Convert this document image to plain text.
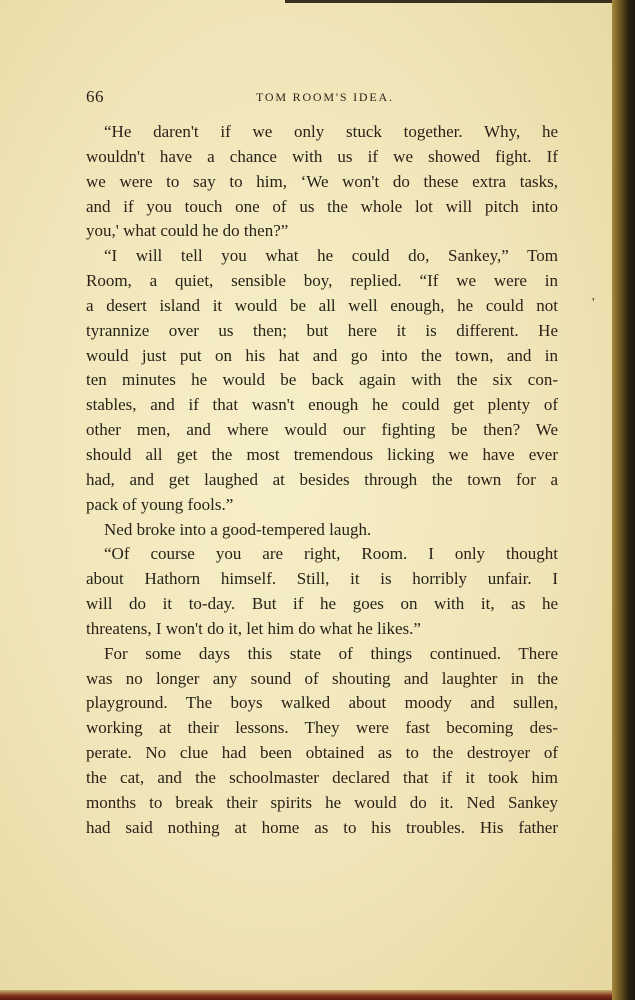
66	TOM ROOM'S IDEA.
“He daren't if we only stuck together. Why, he
wouldn't have a chance with us if we showed fight. If
we were to say to him, ‘We won't do these extra tasks,
and if you touch one of us the whole lot will pitch into
you,' what could he do then?”
“I will tell you what he could do, Sankey,” Tom
Room, a quiet, sensible boy, replied. “If we were in
a desert island it would be all well enough, he could not
tyrannize over us then; but here it is different. He
would just put on his hat and go into the town, and in
ten minutes he would be back again with the six con-
stables, and if that wasn't enough he could get plenty of
other men, and where would our fighting be then? We
should all get the most tremendous licking we have ever
had, and get laughed at besides through the town for a
pack of young fools.”
Ned broke into a good-tempered laugh.
“Of course you are right, Room. I only thought
about Hathorn himself. Still, it is horribly unfair. I
will do it to-day. But if he goes on with it, as he
threatens, I won't do it, let him do what he likes.”
For some days this state of things continued. There
was no longer any sound of shouting and laughter in the
playground. The boys walked about moody and sullen,
working at their lessons. They were fast becoming des-
perate. No clue had been obtained as to the destroyer of
the cat, and the schoolmaster declared that if it took him
months to break their spirits he would do it. Ned Sankey
had said nothing at home as to his troubles. His father
'
